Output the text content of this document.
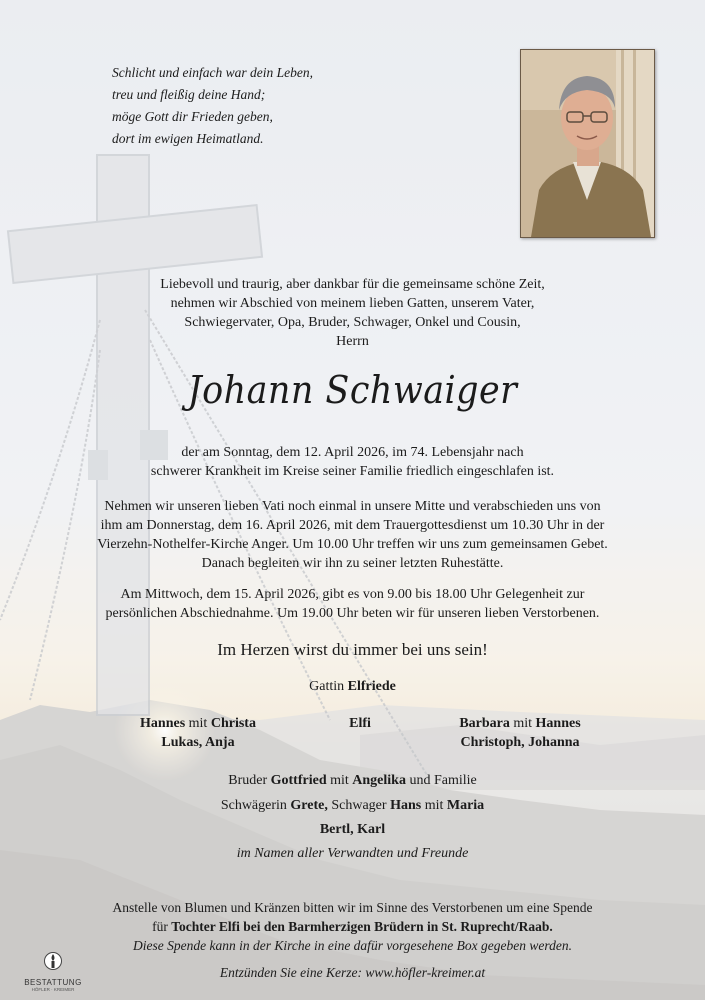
Schlicht und einfach war dein Leben,
treu und fleißig deine Hand;
möge Gott dir Frieden geben,
dort im ewigen Heimatland.
Liebevoll und traurig, aber dankbar für die gemeinsame schöne Zeit,
nehmen wir Abschied von meinem lieben Gatten, unserem Vater,
Schwiegervater, Opa, Bruder, Schwager, Onkel und Cousin,
Herrn
Johann Schwaiger
der am Sonntag, dem 12. April 2026, im 74. Lebensjahr nach
schwerer Krankheit im Kreise seiner Familie friedlich eingeschlafen ist.
Nehmen wir unseren lieben Vati noch einmal in unsere Mitte und verabschieden uns von
ihm am Donnerstag, dem 16. April 2026, mit dem Trauergottesdienst um 10.30 Uhr in der
Vierzehn-Nothelfer-Kirche Anger. Um 10.00 Uhr treffen wir uns zum gemeinsamen Gebet.
Danach begleiten wir ihn zu seiner letzten Ruhestätte.
Am Mittwoch, dem 15. April 2026, gibt es von 9.00 bis 18.00 Uhr Gelegenheit zur
persönlichen Abschiednahme. Um 19.00 Uhr beten wir für unseren lieben Verstorbenen.
Im Herzen wirst du immer bei uns sein!
Gattin Elfriede
Hannes mit Christa
Lukas, Anja
Elfi	Barbara mit Hannes
Christoph, Johanna
Bruder Gottfried mit Angelika und Familie
Schwägerin Grete, Schwager Hans mit Maria
Bertl, Karl
im Namen aller Verwandten und Freunde
Anstelle von Blumen und Kränzen bitten wir im Sinne des Verstorbenen um eine Spende
für Tochter Elfi bei den Barmherzigen Brüdern in St. Ruprecht/Raab.
Diese Spende kann in der Kirche in eine dafür vorgesehene Box gegeben werden.
Entzünden Sie eine Kerze: www.höfler-kreimer.at
BESTATTUNG
HÖFLER · KREIMER
